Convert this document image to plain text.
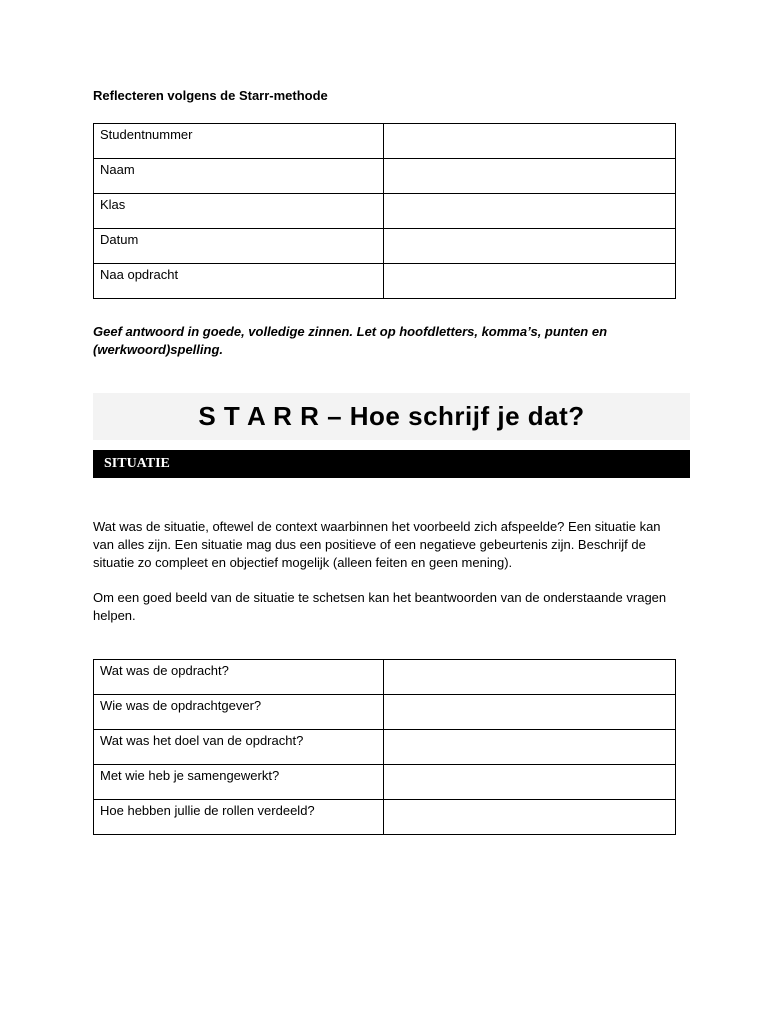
Reflecteren volgens de Starr-methode
Studentnummer	
Naam	
Klas	
Datum	
Naa opdracht	
Geef antwoord in goede, volledige zinnen. Let op hoofdletters, komma’s, punten en (werkwoord)spelling.
S T A R R – Hoe schrijf je dat?
SITUATIE
Wat was de situatie, oftewel de context waarbinnen het voorbeeld zich afspeelde? Een situatie kan van alles zijn. Een situatie mag dus een positieve of een negatieve gebeurtenis zijn. Beschrijf de situatie zo compleet en objectief mogelijk (alleen feiten en geen mening).
Om een goed beeld van de situatie te schetsen kan het beantwoorden van de onderstaande vragen helpen.
Wat was de opdracht?	
Wie was de opdrachtgever?	
Wat was het doel van de opdracht?	
Met wie heb je samengewerkt?	
Hoe hebben jullie de rollen verdeeld?	
